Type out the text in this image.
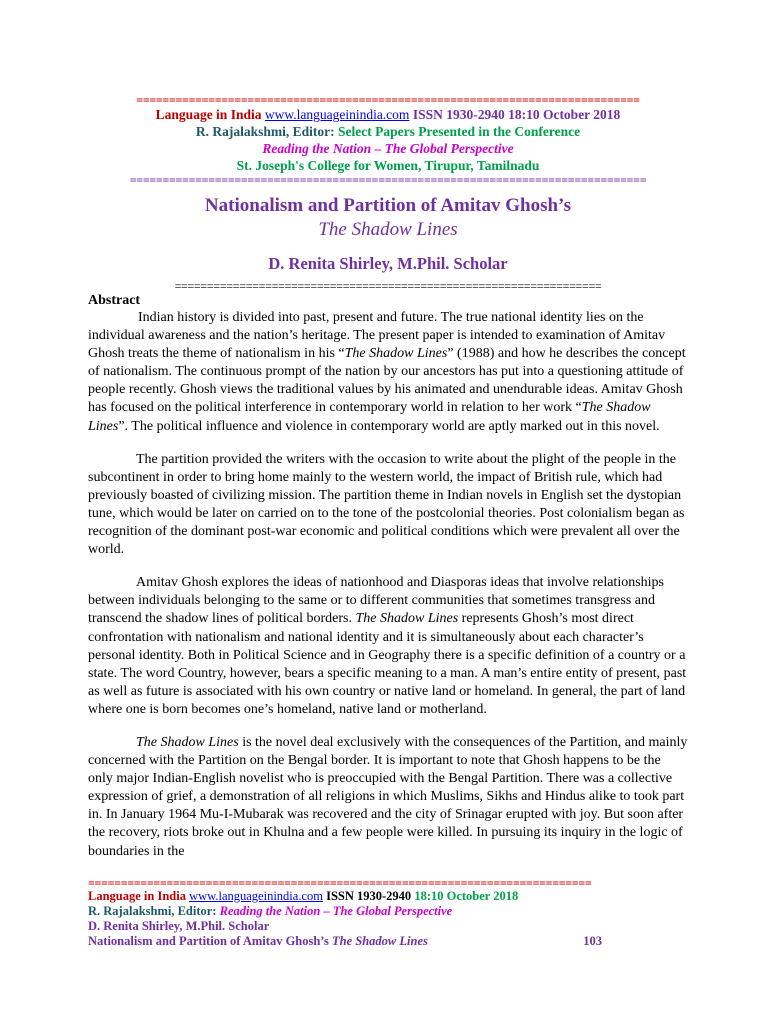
=============================================================================
Language in India www.languageinindia.com ISSN 1930-2940 18:10 October 2018
R. Rajalakshmi, Editor: Select Papers Presented in the Conference
Reading the Nation – The Global Perspective
St. Joseph's College for Women, Tirupur, Tamilnadu
===============================================================================
Nationalism and Partition of Amitav Ghosh’s
The Shadow Lines
D. Renita Shirley, M.Phil. Scholar
==================================================================
Abstract

Indian history is divided into past, present and future. The true national identity lies on the individual awareness and the nation’s heritage. The present paper is intended to examination of Amitav Ghosh treats the theme of nationalism in his “The Shadow Lines” (1988) and how he describes the concept of nationalism. The continuous prompt of the nation by our ancestors has put into a questioning attitude of people recently. Ghosh views the traditional values by his animated and unendurable ideas. Amitav Ghosh has focused on the political interference in contemporary world in relation to her work “The Shadow Lines”. The political influence and violence in contemporary world are aptly marked out in this novel.

The partition provided the writers with the occasion to write about the plight of the people in the subcontinent in order to bring home mainly to the western world, the impact of British rule, which had previously boasted of civilizing mission. The partition theme in Indian novels in English set the dystopian tune, which would be later on carried on to the tone of the postcolonial theories. Post colonialism began as recognition of the dominant post-war economic and political conditions which were prevalent all over the world.

Amitav Ghosh explores the ideas of nationhood and Diasporas ideas that involve relationships between individuals belonging to the same or to different communities that sometimes transgress and transcend the shadow lines of political borders. The Shadow Lines represents Ghosh’s most direct confrontation with nationalism and national identity and it is simultaneously about each character’s personal identity. Both in Political Science and in Geography there is a specific definition of a country or a state. The word Country, however, bears a specific meaning to a man. A man’s entire entity of present, past as well as future is associated with his own country or native land or homeland. In general, the part of land where one is born becomes one’s homeland, native land or motherland.

The Shadow Lines is the novel deal exclusively with the consequences of the Partition, and mainly concerned with the Partition on the Bengal border. It is important to note that Ghosh happens to be the only major Indian-English novelist who is preoccupied with the Bengal Partition. There was a collective expression of grief, a demonstration of all religions in which Muslims, Sikhs and Hindus alike to took part in. In January 1964 Mu-I-Mubarak was recovered and the city of Srinagar erupted with joy. But soon after the recovery, riots broke out in Khulna and a few people were killed. In pursuing its inquiry in the logic of boundaries in the

=============================================================================
Language in India www.languageinindia.com ISSN 1930-2940 18:10 October 2018
R. Rajalakshmi, Editor: Reading the Nation – The Global Perspective
D. Renita Shirley, M.Phil. Scholar
Nationalism and Partition of Amitav Ghosh’s The Shadow Lines	103
